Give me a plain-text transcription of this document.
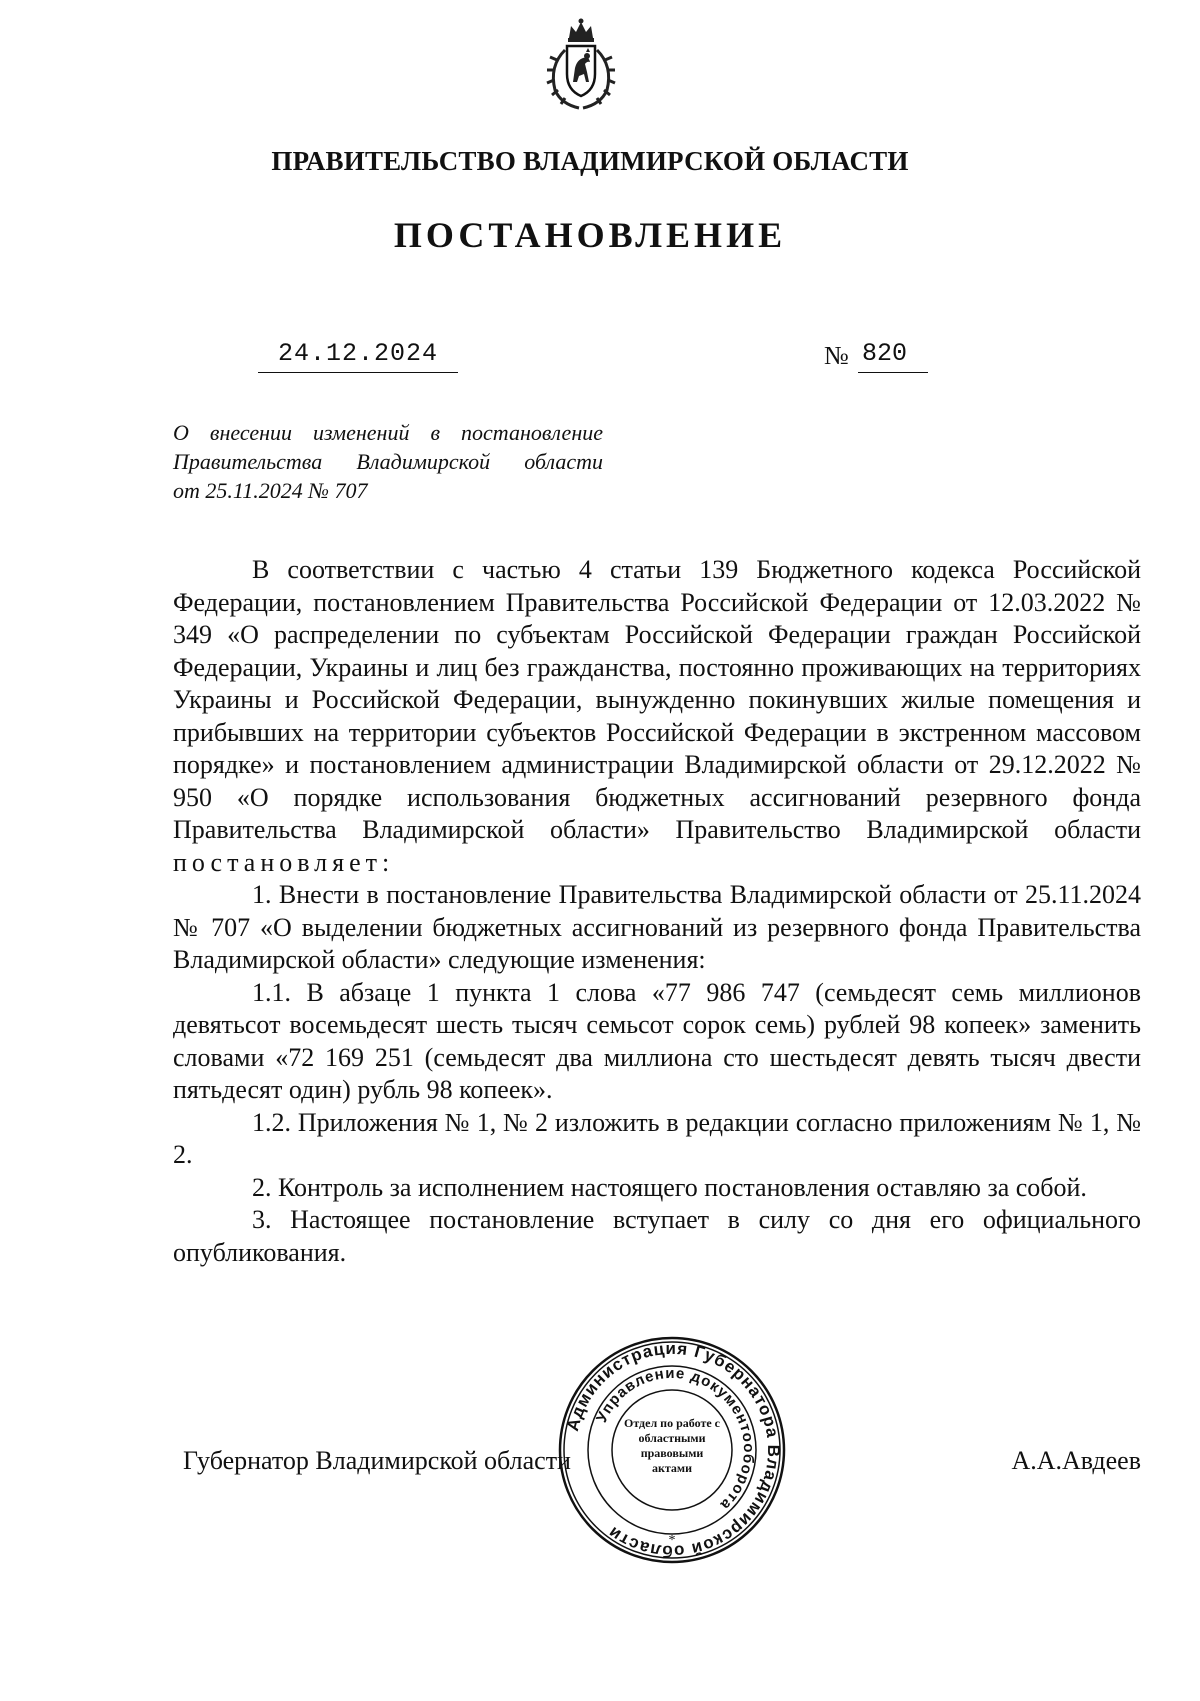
ПРАВИТЕЛЬСТВО ВЛАДИМИРСКОЙ ОБЛАСТИ
ПОСТАНОВЛЕНИЕ
24.12.2024	№ 820
О внесении изменений в постановление
Правительства Владимирской области
от 25.11.2024 № 707

В соответствии с частью 4 статьи 139 Бюджетного кодекса Российской Федерации, постановлением Правительства Российской Федерации от 12.03.2022 № 349 «О распределении по субъектам Российской Федерации граждан Российской Федерации, Украины и лиц без гражданства, постоянно проживающих на территориях Украины и Российской Федерации, вынужденно покинувших жилые помещения и прибывших на территории субъектов Российской Федерации в экстренном массовом порядке» и постановлением администрации Владимирской области от 29.12.2022 № 950 «О порядке использования бюджетных ассигнований резервного фонда Правительства Владимирской области» Правительство Владимирской области постановляет:

1. Внести в постановление Правительства Владимирской области от 25.11.2024 № 707 «О выделении бюджетных ассигнований из резервного фонда Правительства Владимирской области» следующие изменения:

1.1. В абзаце 1 пункта 1 слова «77 986 747 (семьдесят семь миллионов девятьсот восемьдесят шесть тысяч семьсот сорок семь) рублей 98 копеек» заменить словами «72 169 251 (семьдесят два миллиона сто шестьдесят девять тысяч двести пятьдесят один) рубль 98 копеек».

1.2. Приложения № 1, № 2 изложить в редакции согласно приложениям № 1, № 2.

2. Контроль за исполнением настоящего постановления оставляю за собой.

3. Настоящее постановление вступает в силу со дня его официального опубликования.

Губернатор Владимирской области	А.А.Авдеев
Администрация Губернатора Владимирской области
Управление документооборота
Отдел по работе с областными правовыми актами
*
